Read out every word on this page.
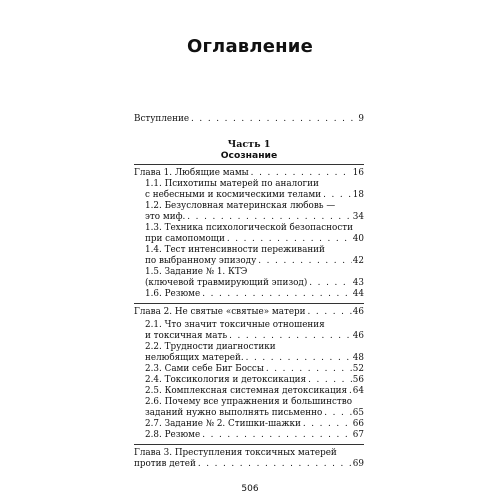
Оглавление
Вступление . . .	9
Часть 1
Осознание
Глава 1. Любящие мамы . . .	16
1.1. Психотипы матерей по аналогии
с небесными и космическими телами . . .	18
1.2. Безусловная материнская любовь —
это миф. . . .	34
1.3. Техника психологической безопасности
при самопомощи . . .	40
1.4. Тест интенсивности переживаний
по выбранному эпизоду . . .	42
1.5. Задание № 1. КТЭ
(ключевой травмирующий эпизод) . . .	43
1.6. Резюме . . .	44
Глава 2. Не святые «святые» матери . . .	46
2.1. Что значит токсичные отношения
и токсичная мать . . .	46
2.2. Трудности диагностики
нелюбящих матерей. . . .	48
2.3. Сами себе Биг Боссы . . .	52
2.4. Токсикология и детоксикация . . .	56
2.5. Комплексная системная детоксикация . . . 64
2.6. Почему все упражнения и большинство
заданий нужно выполнять письменно . . .	65
2.7. Задание № 2. Стишки-шажки . . .	66
2.8. Резюме . . .	67
Глава 3. Преступления токсичных матерей
против детей . . .	69
506
